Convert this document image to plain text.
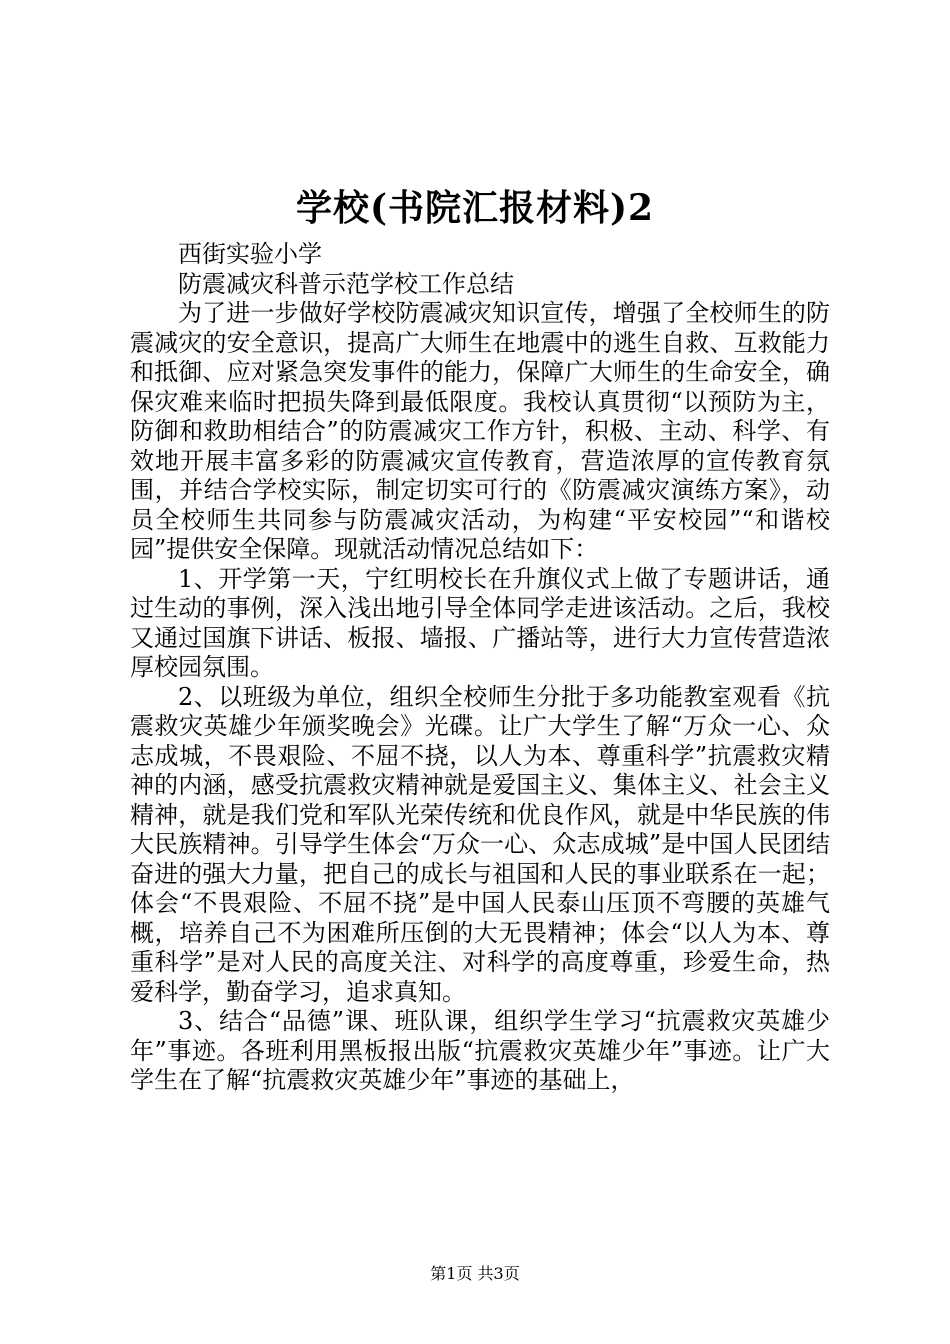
学校(书院汇报材料)2

西街实验小学

防震减灾科普示范学校工作总结

为了进一步做好学校防震减灾知识宣传，增强了全校师生的防震减灾的安全意识，提高广大师生在地震中的逃生自救、互救能力和抵御、应对紧急突发事件的能力，保障广大师生的生命安全，确保灾难来临时把损失降到最低限度。我校认真贯彻“以预防为主，防御和救助相结合”的防震减灾工作方针，积极、主动、科学、有效地开展丰富多彩的防震减灾宣传教育，营造浓厚的宣传教育氛围，并结合学校实际，制定切实可行的《防震减灾演练方案》，动员全校师生共同参与防震减灾活动，为构建“平安校园”“和谐校园”提供安全保障。现就活动情况总结如下：

1、开学第一天，宁红明校长在升旗仪式上做了专题讲话，通过生动的事例，深入浅出地引导全体同学走进该活动。之后，我校又通过国旗下讲话、板报、墙报、广播站等，进行大力宣传营造浓厚校园氛围。

2、以班级为单位，组织全校师生分批于多功能教室观看《抗震救灾英雄少年颁奖晚会》光碟。让广大学生了解“万众一心、众志成城，不畏艰险、不屈不挠，以人为本、尊重科学”抗震救灾精神的内涵，感受抗震救灾精神就是爱国主义、集体主义、社会主义精神，就是我们党和军队光荣传统和优良作风，就是中华民族的伟大民族精神。引导学生体会“万众一心、众志成城”是中国人民团结奋进的强大力量，把自己的成长与祖国和人民的事业联系在一起；体会“不畏艰险、不屈不挠”是中国人民泰山压顶不弯腰的英雄气概，培养自己不为困难所压倒的大无畏精神；体会“以人为本、尊重科学”是对人民的高度关注、对科学的高度尊重，珍爱生命，热爱科学，勤奋学习，追求真知。

3、结合“品德”课、班队课，组织学生学习“抗震救灾英雄少年”事迹。各班利用黑板报出版“抗震救灾英雄少年”事迹。让广大学生在了解“抗震救灾英雄少年”事迹的基础上，

第1页 共3页
